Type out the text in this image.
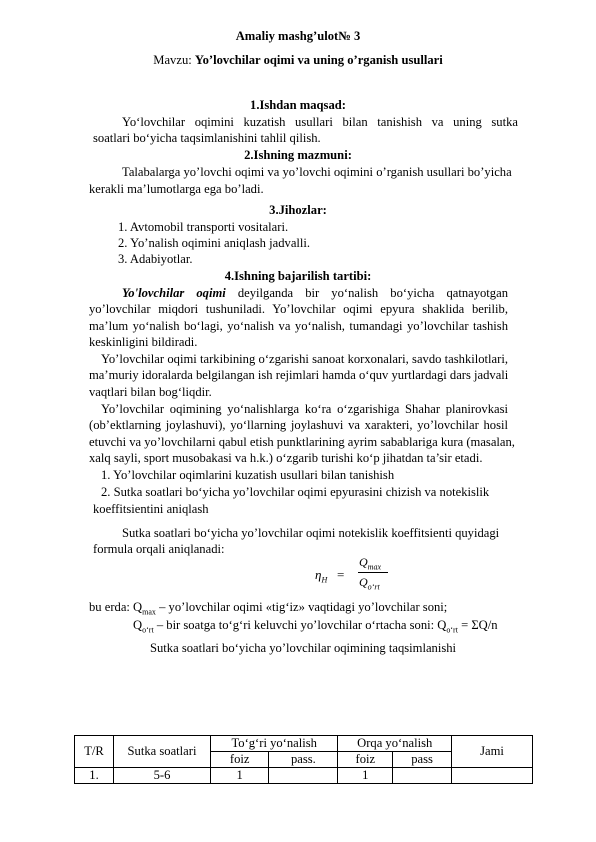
Amaliy mashg’ulot№ 3
Mavzu: Yo’lovchilar oqimi va uning o’rganish usullari
1.Ishdan maqsad:
Yo‘lovchilar oqimini kuzatish usullari bilan tanishish va uning sutka
soatlari bo‘yicha taqsimlanishini tahlil qilish.
2.Ishning mazmuni:
Talabalarga yo’lovchi oqimi va yo’lovchi oqimini o’rganish usullari bo’yicha
kerakli ma’lumotlarga ega bo’ladi.
3.Jihozlar:
1. Avtomobil transporti vositalari.
2. Yo’nalish oqimini aniqlash jadvalli.
3. Adabiyotlar.
4.Ishning bajarilish tartibi:
Yo'lovchilar oqimi deyilganda bir yo‘nalish bo‘yicha qatnayotgan
yo’lovchilar miqdori tushuniladi. Yo’lovchilar oqimi epyura shaklida berilib,
ma’lum yo‘nalish bo‘lagi, yo‘nalish va yo‘nalish, tumandagi yo’lovchilar tashish
keskinligini bildiradi.
Yo’lovchilar oqimi tarkibining o‘zgarishi sanoat korxonalari, savdo tashkilotlari,
ma’muriy idoralarda belgilangan ish rejimlari hamda o‘quv yurtlardagi dars jadvali
vaqtlari bilan bog‘liqdir.
Yo’lovchilar oqimining yo‘nalishlarga ko‘ra o‘zgarishiga Shahar planirovkasi
(ob’ektlarning joylashuvi), yo‘llarning joylashuvi va xarakteri, yo’lovchilar hosil
etuvchi va yo’lovchilarni qabul etish punktlarining ayrim sabablariga kura (masalan,
xalq sayli, sport musobakasi va h.k.) o‘zgarib turishi ko‘p jihatdan ta’sir etadi.
1. Yo’lovchilar oqimlarini kuzatish usullari bilan tanishish
2. Sutka soatlari bo‘yicha yo’lovchilar oqimi epyurasini chizish va notekislik
koeffitsientini aniqlash
Sutka soatlari bo‘yicha yo’lovchilar oqimi notekislik koeffitsienti quyidagi
formula orqali aniqlanadi:
$\eta_H$ =
$Q_{max}$
$Q_{o‘rt}$
bu erda: $Q_{max}$ – yo’lovchilar oqimi «tig‘iz» vaqtidagi yo’lovchilar soni;
$Q_{o‘rt}$ – bir soatga to‘g‘ri keluvchi yo’lovchilar o‘rtacha soni: $Q_{o‘rt} = \Sigma Q/n$
Sutka soatlari bo‘yicha yo’lovchilar oqimining taqsimlanishi
T/R	Sutka soatlari	To‘g‘ri yo‘nalish		Orqa yo‘nalish		Jami
		foiz	pass.	foiz	pass	
1.	5-6	1		1		
